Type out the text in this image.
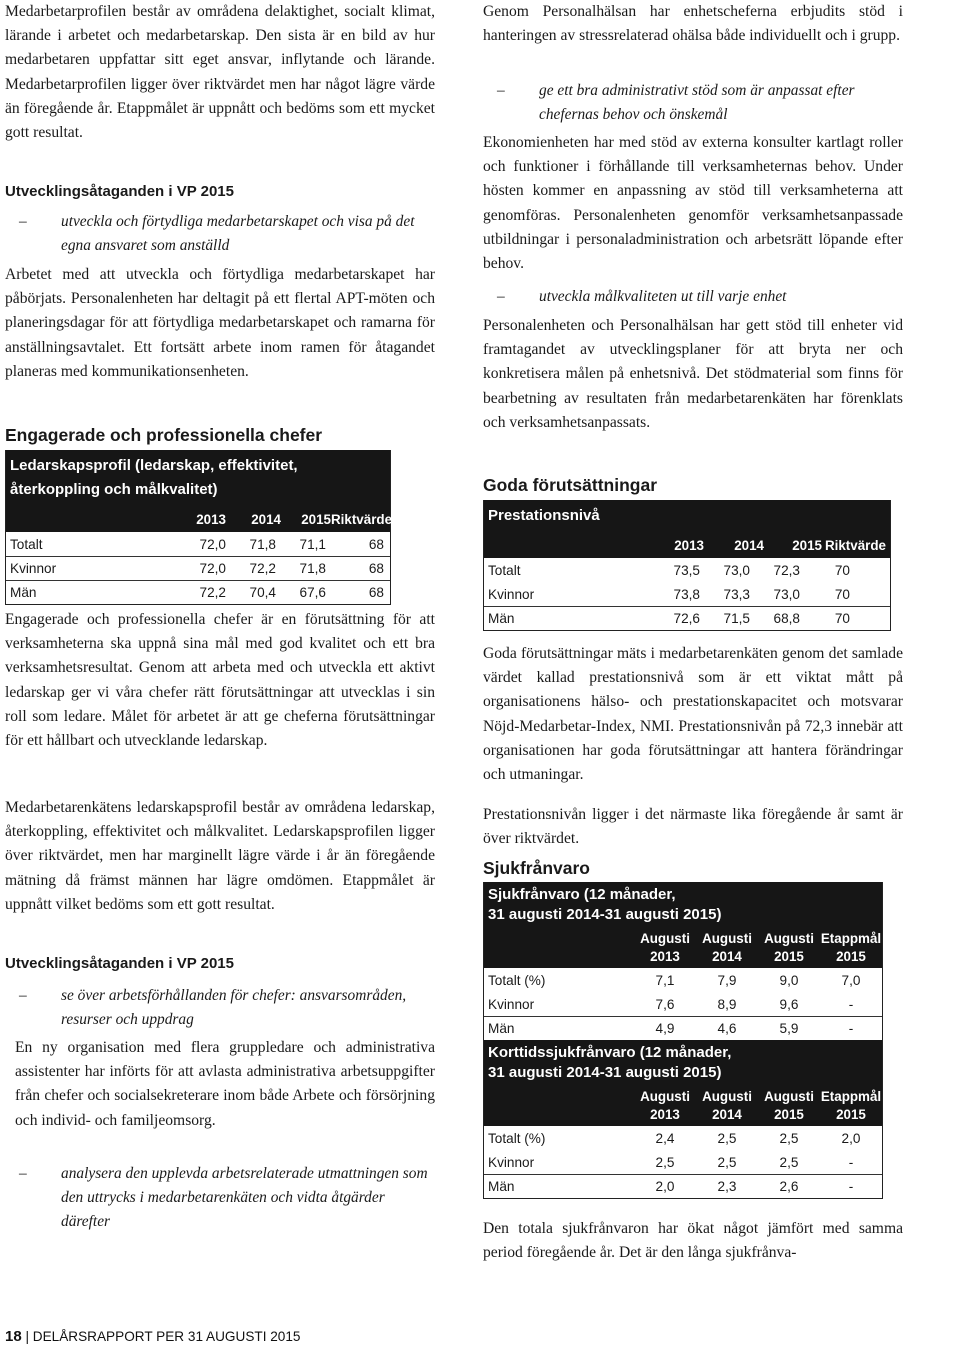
Medarbetarprofilen består av områdena delaktighet, socialt klimat, lärande i arbetet och medarbetarskap. Den sista är en bild av hur medarbetaren uppfattar sitt eget ansvar, inflytande och lärande. Medarbetarprofilen ligger över riktvärdet men har något lägre värde än föregående år. Etappmålet är uppnått och bedöms som ett mycket gott resultat.

Utvecklingsåtaganden i VP 2015
– utveckla och förtydliga medarbetarskapet och visa på det egna ansvaret som anställd

Arbetet med att utveckla och förtydliga medarbetarskapet har påbörjats. Personalenheten har deltagit på ett flertal APT-möten och planeringsdagar för att förtydliga medarbetarskapet och ramarna för anställningsavtalet. Ett fortsätt arbete inom ramen för åtagandet planeras med kommunikationsenheten.

Engagerade och professionella chefer
Ledarskapsprofil (ledarskap, effektivitet, återkoppling och målkvalitet)
2013	2014	2015 Riktvärde
Totalt	72,0	71,8	71,1	68
Kvinnor	72,0	72,2	71,8	68
Män	72,2	70,4	67,6	68

Engagerade och professionella chefer är en förutsättning för att verksamheterna ska uppnå sina mål med god kvalitet och ett bra verksamhetsresultat. Genom att arbeta med och utveckla ett aktivt ledarskap ger vi våra chefer rätt förutsättningar att utvecklas i sin roll som ledare. Målet för arbetet är att ge cheferna förutsättningar för ett hållbart och utvecklande ledarskap.

Medarbetarenkätens ledarskapsprofil består av områdena ledarskap, återkoppling, effektivitet och målkvalitet. Ledarskapsprofilen ligger över riktvärdet, men har marginellt lägre värde i år än föregående mätning då främst männen har lägre omdömen. Etappmålet är uppnått vilket bedöms som ett gott resultat.

Utvecklingsåtaganden i VP 2015
– se över arbetsförhållanden för chefer: ansvarsområden, resurser och uppdrag

En ny organisation med flera gruppledare och administrativa assistenter har införts för att avlasta administrativa arbetsuppgifter från chefer och socialsekreterare inom både Arbete och försörjning och individ- och familjeomsorg.

– analysera den upplevda arbetsrelaterade utmattningen som den uttrycks i medarbetarenkäten och vidta åtgärder därefter

Genom Personalhälsan har enhetscheferna erbjudits stöd i hanteringen av stressrelaterad ohälsa både individuellt och i grupp.

– ge ett bra administrativt stöd som är anpassat efter chefernas behov och önskemål

Ekonomienheten har med stöd av externa konsulter kartlagt roller och funktioner i förhållande till verksamheternas behov. Under hösten kommer en anpassning av stöd till verksamheterna att genomföras. Personalenheten genomför verksamhetsanpassade utbildningar i personaladministration och arbetsrätt löpande efter behov.

– utveckla målkvaliteten ut till varje enhet

Personalenheten och Personalhälsan har gett stöd till enheter vid framtagandet av utvecklingsplaner för att bryta ner och konkretisera målen på enhetsnivå. Det stödmaterial som finns för bearbetning av resultaten från medarbetarenkäten har förenklats och verksamhetsanpassats.

Goda förutsättningar
Prestationsnivå
2013	2014	2015 Riktvärde
Totalt	73,5	73,0	72,3	70
Kvinnor	73,8	73,3	73,0	70
Män	72,6	71,5	68,8	70

Goda förutsättningar mäts i medarbetarenkäten genom det samlade värdet kallad prestationsnivå som är ett viktat mått på organisationens hälso- och prestationskapacitet och motsvarar Nöjd-Medarbetar-Index, NMI. Prestationsnivån på 72,3 innebär att organisationen har goda förutsättningar att hantera förändringar och utmaningar.

Prestationsnivån ligger i det närmaste lika föregående år samt är över riktvärdet.

Sjukfrånvaro
Sjukfrånvaro (12 månader,
31 augusti 2014-31 augusti 2015)
Augusti
2013
Augusti
2014
Augusti
2015
Etappmål
2015
Totalt (%)	7,1	7,9	9,0	7,0
Kvinnor	7,6	8,9	9,6	-
Män	4,9	4,6	5,9	-
Korttidssjukfrånvaro (12 månader,
31 augusti 2014-31 augusti 2015)
Augusti
2013
Augusti
2014
Augusti
2015
Etappmål
2015
Totalt (%)	2,4	2,5	2,5	2,0
Kvinnor	2,5	2,5	2,5	-
Män	2,0	2,3	2,6	-

Den totala sjukfrånvaron har ökat något jämfört med samma period föregående år. Det är den långa sjukfrånva-

18 | DELÅRSRAPPORT PER 31 AUGUSTI 2015
